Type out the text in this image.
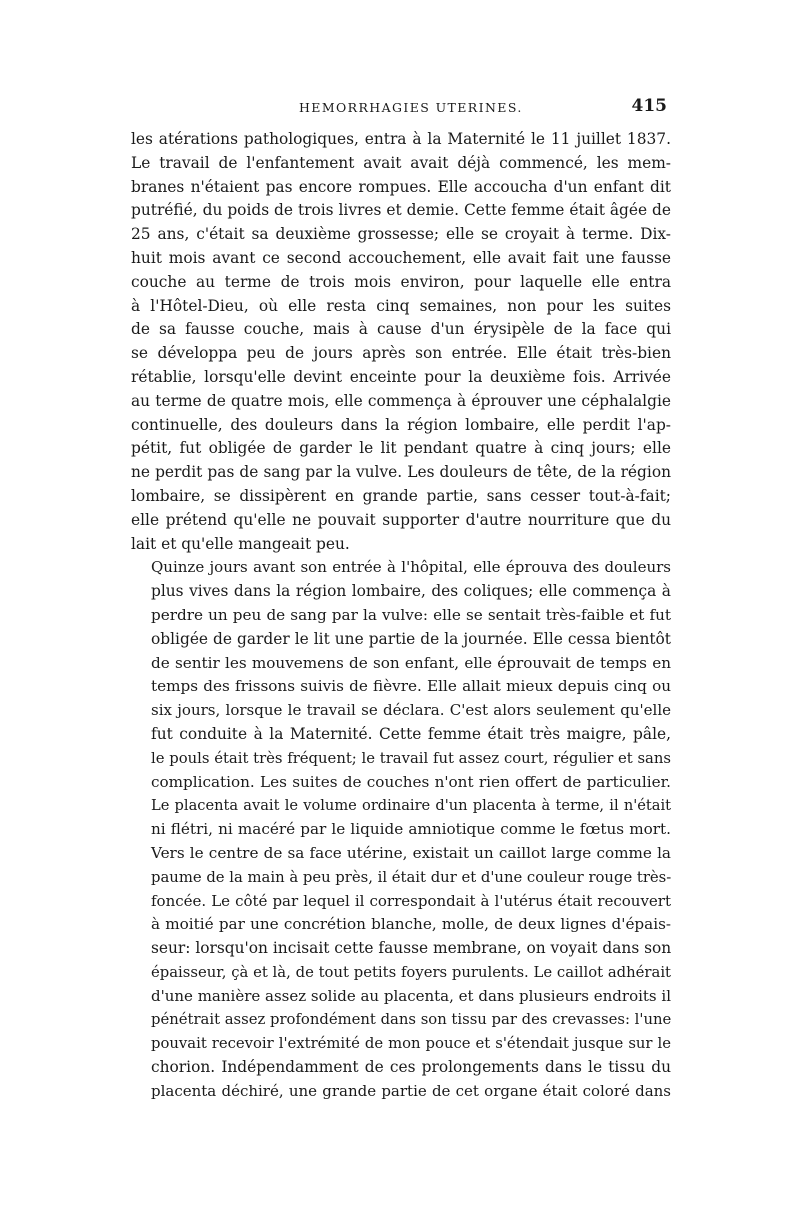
HEMORRHAGIES UTERINES.	415

les atérations pathologiques, entra à la Maternité le 11 juillet 1837.
Le travail de l'enfantement avait avait déjà commencé, les mem-
branes n'étaient pas encore rompues. Elle accoucha d'un enfant dit
putréfié, du poids de trois livres et demie. Cette femme était âgée de
25 ans, c'était sa deuxième grossesse; elle se croyait à terme. Dix-
huit mois avant ce second accouchement, elle avait fait une fausse
couche au terme de trois mois environ, pour laquelle elle entra
à l'Hôtel-Dieu, où elle resta cinq semaines, non pour les suites
de sa fausse couche, mais à cause d'un érysipèle de la face qui
se développa peu de jours après son entrée. Elle était très-bien
rétablie, lorsqu'elle devint enceinte pour la deuxième fois. Arrivée
au terme de quatre mois, elle commença à éprouver une céphalalgie
continuelle, des douleurs dans la région lombaire, elle perdit l'ap-
pétit, fut obligée de garder le lit pendant quatre à cinq jours; elle
ne perdit pas de sang par la vulve. Les douleurs de tête, de la région
lombaire, se dissipèrent en grande partie, sans cesser tout-à-fait;
elle prétend qu'elle ne pouvait supporter d'autre nourriture que du
lait et qu'elle mangeait peu.

Quinze jours avant son entrée à l'hôpital, elle éprouva des douleurs
plus vives dans la région lombaire, des coliques; elle commença à
perdre un peu de sang par la vulve: elle se sentait très-faible et fut
obligée de garder le lit une partie de la journée. Elle cessa bientôt
de sentir les mouvemens de son enfant, elle éprouvait de temps en
temps des frissons suivis de fièvre. Elle allait mieux depuis cinq ou
six jours, lorsque le travail se déclara. C'est alors seulement qu'elle
fut conduite à la Maternité. Cette femme était très maigre, pâle,
le pouls était très fréquent; le travail fut assez court, régulier et sans
complication. Les suites de couches n'ont rien offert de particulier.
Le placenta avait le volume ordinaire d'un placenta à terme, il n'était
ni flétri, ni macéré par le liquide amniotique comme le fœtus mort.
Vers le centre de sa face utérine, existait un caillot large comme la
paume de la main à peu près, il était dur et d'une couleur rouge très-
foncée. Le côté par lequel il correspondait à l'utérus était recouvert
à moitié par une concrétion blanche, molle, de deux lignes d'épais-
seur: lorsqu'on incisait cette fausse membrane, on voyait dans son
épaisseur, çà et là, de tout petits foyers purulents. Le caillot adhérait
d'une manière assez solide au placenta, et dans plusieurs endroits il
pénétrait assez profondément dans son tissu par des crevasses: l'une
pouvait recevoir l'extrémité de mon pouce et s'étendait jusque sur le
chorion. Indépendamment de ces prolongements dans le tissu du
placenta déchiré, une grande partie de cet organe était coloré dans
